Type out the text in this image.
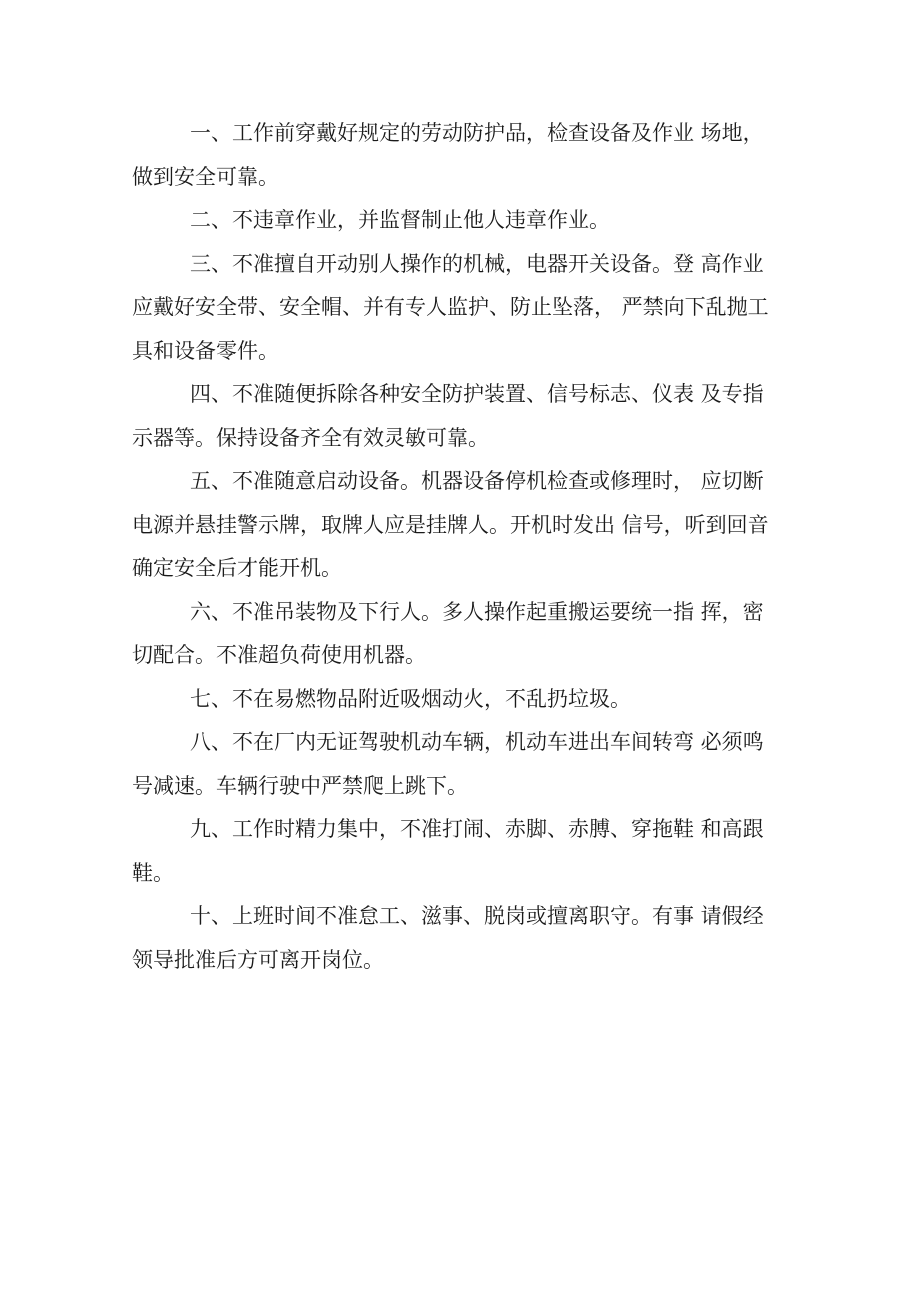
一、工作前穿戴好规定的劳动防护品，检查设备及作业 场地，
做到安全可靠。
二、不违章作业，并监督制止他人违章作业。
三、不准擅自开动别人操作的机械，电器开关设备。登 高作业
应戴好安全带、安全帽、并有专人监护、防止坠落， 严禁向下乱抛工
具和设备零件。
四、不准随便拆除各种安全防护装置、信号标志、仪表 及专指
示器等。保持设备齐全有效灵敏可靠。
五、不准随意启动设备。机器设备停机检查或修理时， 应切断
电源并悬挂警示牌，取牌人应是挂牌人。开机时发出 信号，听到回音
确定安全后才能开机。
六、不准吊装物及下行人。多人操作起重搬运要统一指 挥，密
切配合。不准超负荷使用机器。
七、不在易燃物品附近吸烟动火，不乱扔垃圾。
八、不在厂内无证驾驶机动车辆，机动车进出车间转弯 必须鸣
号减速。车辆行驶中严禁爬上跳下。
九、工作时精力集中，不准打闹、赤脚、赤膊、穿拖鞋 和高跟
鞋。
十、上班时间不准怠工、滋事、脱岗或擅离职守。有事 请假经
领导批准后方可离开岗位。
